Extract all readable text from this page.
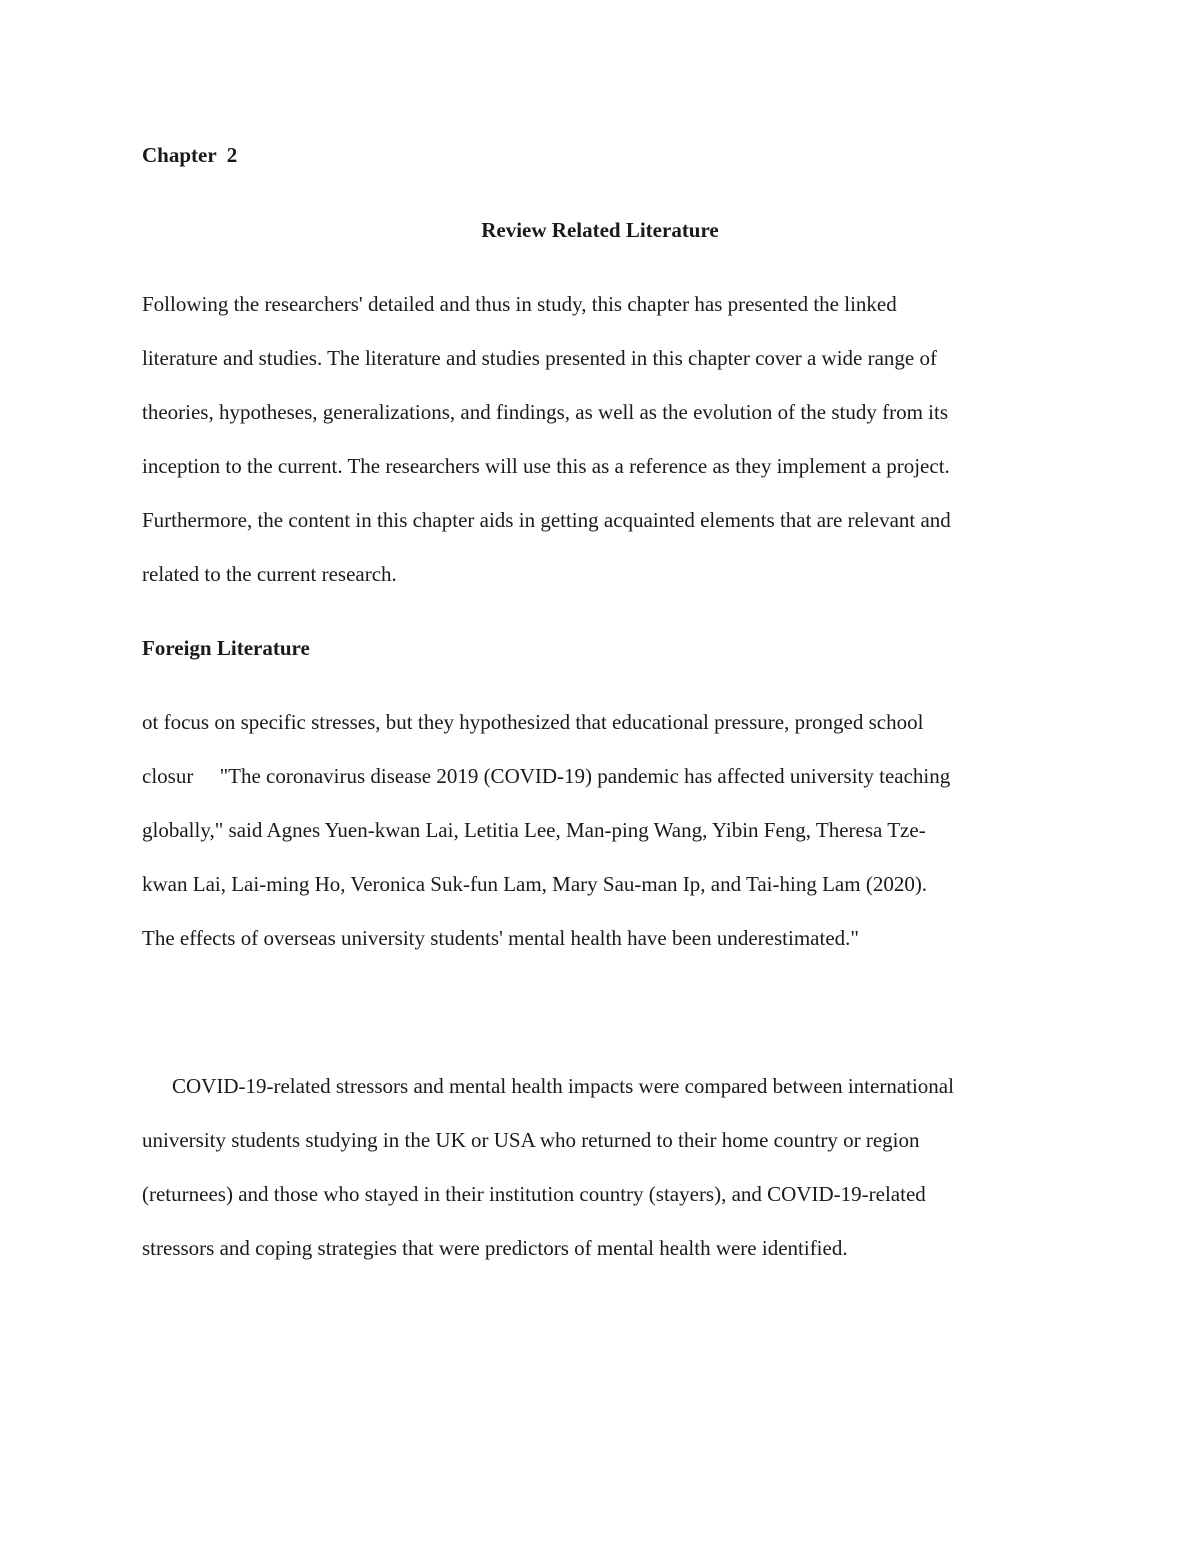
Chapter  2
Review Related Literature
Following the researchers' detailed and thus in study, this chapter has presented the linked
literature and studies. The literature and studies presented in this chapter cover a wide range of
theories, hypotheses, generalizations, and findings, as well as the evolution of the study from its
inception to the current. The researchers will use this as a reference as they implement a project.
Furthermore, the content in this chapter aids in getting acquainted elements that are relevant and
related to the current research.
Foreign Literature
ot focus on specific stresses, but they hypothesized that educational pressure, pronged school
closur     "The coronavirus disease 2019 (COVID-19) pandemic has affected university teaching
globally," said Agnes Yuen-kwan Lai, Letitia Lee, Man-ping Wang, Yibin Feng, Theresa Tze-
kwan Lai, Lai-ming Ho, Veronica Suk-fun Lam, Mary Sau-man Ip, and Tai-hing Lam (2020).
The effects of overseas university students' mental health have been underestimated."
COVID-19-related stressors and mental health impacts were compared between international
university students studying in the UK or USA who returned to their home country or region
(returnees) and those who stayed in their institution country (stayers), and COVID-19-related
stressors and coping strategies that were predictors of mental health were identified.
